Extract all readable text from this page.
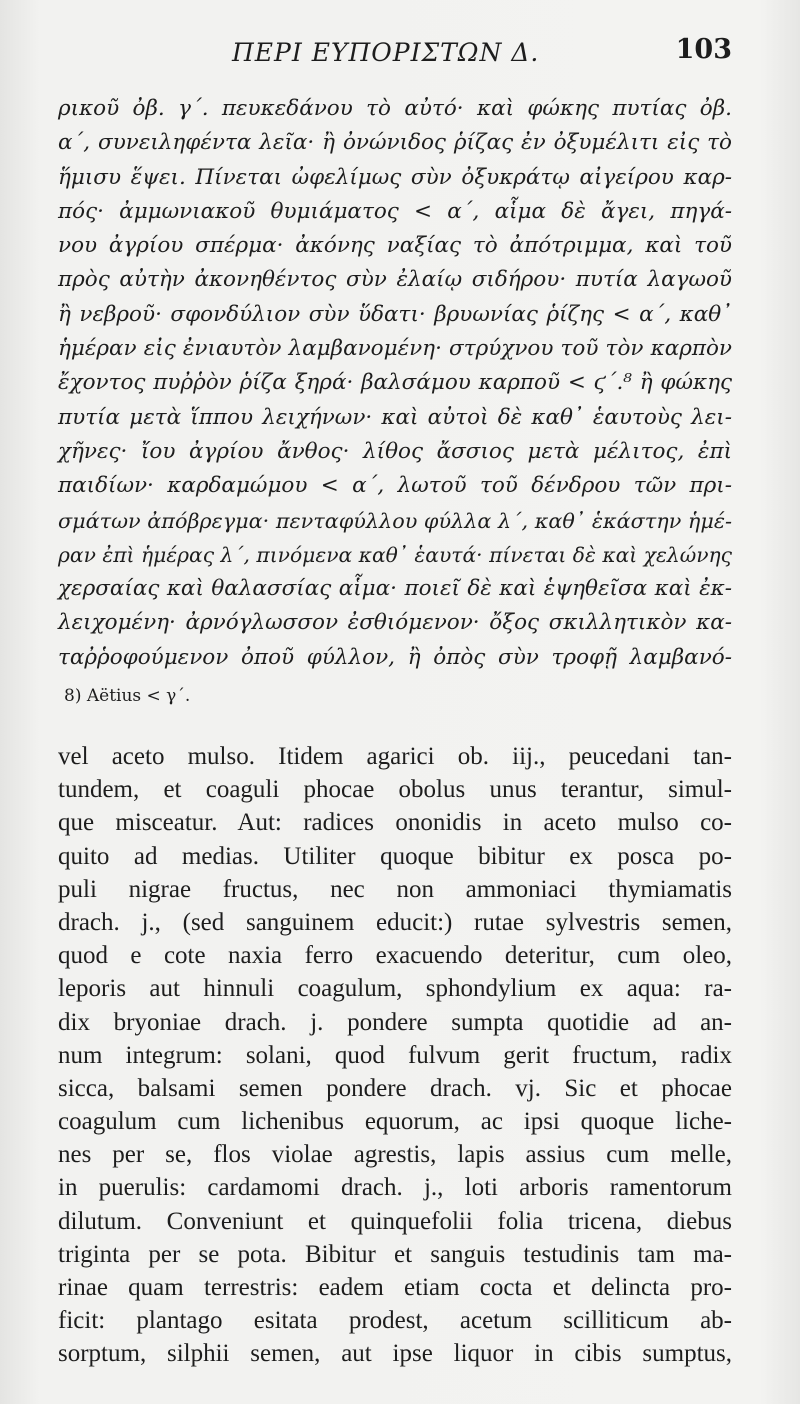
ΠΕΡΙ ΕΥΠΟΡΙΣΤΩΝ Δ.	103
ρικοῦ ὀβ. γ΄. πευκεδάνου τὸ αὐτό· καὶ φώκης πυτίας ὀβ.
α΄, συνειληφέντα λεῖα· ἢ ὀνώνιδος ῥίζας ἐν ὀξυμέλιτι εἰς τὸ
ἥμισυ ἕψει. Πίνεται ὠφελίμως σὺν ὀξυκράτῳ αἰγείρου καρ-
πός· ἀμμωνιακοῦ θυμιάματος < α΄, αἷμα δὲ ἄγει, πηγά-
νου ἀγρίου σπέρμα· ἀκόνης ναξίας τὸ ἀπότριμμα, καὶ τοῦ
πρὸς αὐτὴν ἀκονηθέντος σὺν ἐλαίῳ σιδήρου· πυτία λαγωοῦ
ἢ νεβροῦ· σφονδύλιον σὺν ὕδατι· βρυωνίας ῥίζης < α΄, καθ᾽
ἡμέραν εἰς ἐνιαυτὸν λαμβανομένη· στρύχνου τοῦ τὸν καρπὸν
ἔχοντος πυῤῥὸν ῥίζα ξηρά· βαλσάμου καρποῦ < ϛ΄.⁸ ἢ φώκης
πυτία μετὰ ἵππου λειχήνων· καὶ αὐτοὶ δὲ καθ᾽ ἑαυτοὺς λει-
χῆνες· ἴου ἀγρίου ἄνθος· λίθος ἄσσιος μετὰ μέλιτος, ἐπὶ
παιδίων· καρδαμώμου < α΄, λωτοῦ τοῦ δένδρου τῶν πρι-
σμάτων ἀπόβρεγμα· πενταφύλλου φύλλα λ΄, καθ᾽ ἑκάστην ἡμέ-
ραν ἐπὶ ἡμέρας λ΄, πινόμενα καθ᾽ ἑαυτά· πίνεται δὲ καὶ χελώνης
χερσαίας καὶ θαλασσίας αἷμα· ποιεῖ δὲ καὶ ἑψηθεῖσα καὶ ἐκ-
λειχομένη· ἀρνόγλωσσον ἐσθιόμενον· ὄξος σκιλλητικὸν κα-
ταῤῥοφούμενον ὀποῦ φύλλον, ἢ ὀπὸς σὺν τροφῇ λαμβανό-
8) Aëtius < γ΄.
vel aceto mulso. Itidem agarici ob. iij., peucedani tan-
tundem, et coaguli phocae obolus unus terantur, simul-
que misceatur. Aut: radices ononidis in aceto mulso co-
quito ad medias. Utiliter quoque bibitur ex posca po-
puli nigrae fructus, nec non ammoniaci thymiamatis
drach. j., (sed sanguinem educit:) rutae sylvestris semen,
quod e cote naxia ferro exacuendo deteritur, cum oleo,
leporis aut hinnuli coagulum, sphondylium ex aqua: ra-
dix bryoniae drach. j. pondere sumpta quotidie ad an-
num integrum: solani, quod fulvum gerit fructum, radix
sicca, balsami semen pondere drach. vj. Sic et phocae
coagulum cum lichenibus equorum, ac ipsi quoque liche-
nes per se, flos violae agrestis, lapis assius cum melle,
in puerulis: cardamomi drach. j., loti arboris ramentorum
dilutum. Conveniunt et quinquefolii folia tricena, diebus
triginta per se pota. Bibitur et sanguis testudinis tam ma-
rinae quam terrestris: eadem etiam cocta et delincta pro-
ficit: plantago esitata prodest, acetum scilliticum ab-
sorptum, silphii semen, aut ipse liquor in cibis sumptus,
